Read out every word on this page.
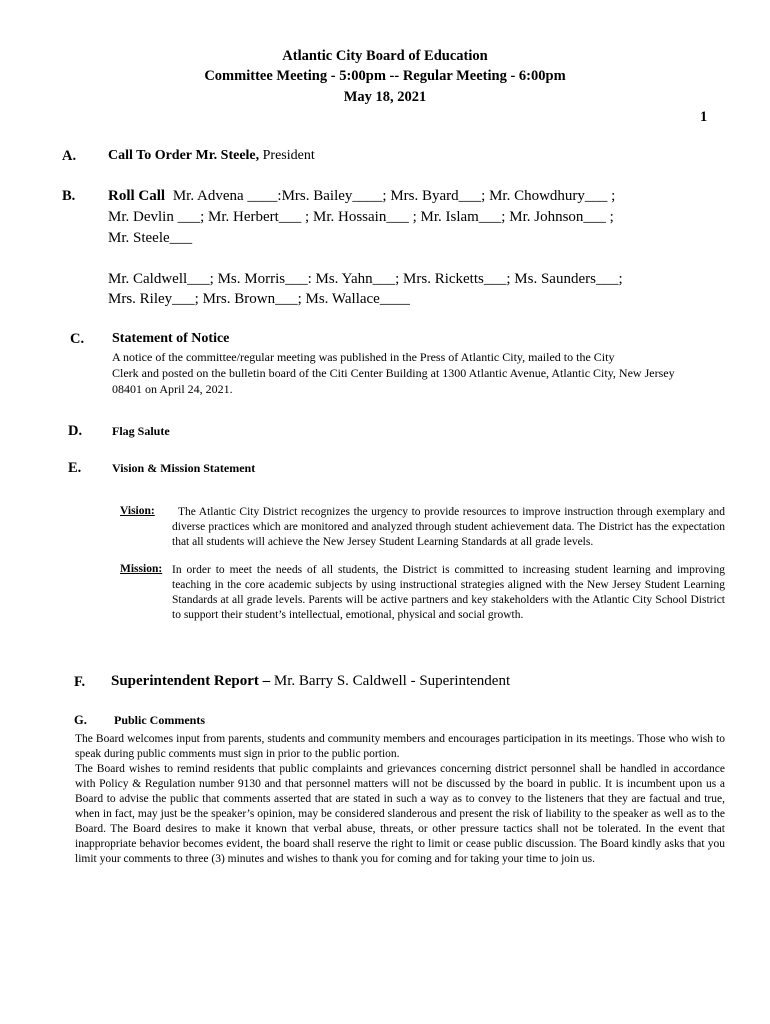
Atlantic City Board of Education
Committee Meeting - 5:00pm -- Regular Meeting - 6:00pm
May 18, 2021
1
A. Call To Order Mr. Steele, President
B. Roll Call Mr. Advena ____:Mrs. Bailey____; Mrs. Byard___; Mr. Chowdhury___ ;
Mr. Devlin ___; Mr. Herbert___ ; Mr. Hossain___ ; Mr. Islam___; Mr. Johnson___ ;
Mr. Steele___
Mr. Caldwell___; Ms. Morris___: Ms. Yahn___; Mrs. Ricketts___; Ms. Saunders___;
Mrs. Riley___; Mrs. Brown___; Ms. Wallace____
C. Statement of Notice
A notice of the committee/regular meeting was published in the Press of Atlantic City, mailed to the City
Clerk and posted on the bulletin board of the Citi Center Building at 1300 Atlantic Avenue, Atlantic City, New Jersey
08401 on April 24, 2021.
D. Flag Salute
E.	Vision & Mission Statement
Vision:	The Atlantic City District recognizes the urgency to provide resources to improve instruction through exemplary and diverse practices which are monitored and analyzed through student achievement data. The District has the expectation that all students will achieve the New Jersey Student Learning Standards at all grade levels.
Mission: In order to meet the needs of all students, the District is committed to increasing student learning and improving teaching in the core academic subjects by using instructional strategies aligned with the New Jersey Student Learning Standards at all grade levels. Parents will be active partners and key stakeholders with the Atlantic City School District to support their student’s intellectual, emotional, physical and social growth.
F. Superintendent Report – Mr. Barry S. Caldwell - Superintendent
G. Public Comments
The Board welcomes input from parents, students and community members and encourages participation in its meetings. Those who wish to speak during public comments must sign in prior to the public portion.
The Board wishes to remind residents that public complaints and grievances concerning district personnel shall be handled in accordance with Policy & Regulation number 9130 and that personnel matters will not be discussed by the board in public. It is incumbent upon us a Board to advise the public that comments asserted that are stated in such a way as to convey to the listeners that they are factual and true, when in fact, may just be the speaker’s opinion, may be considered slanderous and present the risk of liability to the speaker as well as to the Board. The Board desires to make it known that verbal abuse, threats, or other pressure tactics shall not be tolerated. In the event that inappropriate behavior becomes evident, the board shall reserve the right to limit or cease public discussion. The Board kindly asks that you limit your comments to three (3) minutes and wishes to thank you for coming and for taking your time to join us.
